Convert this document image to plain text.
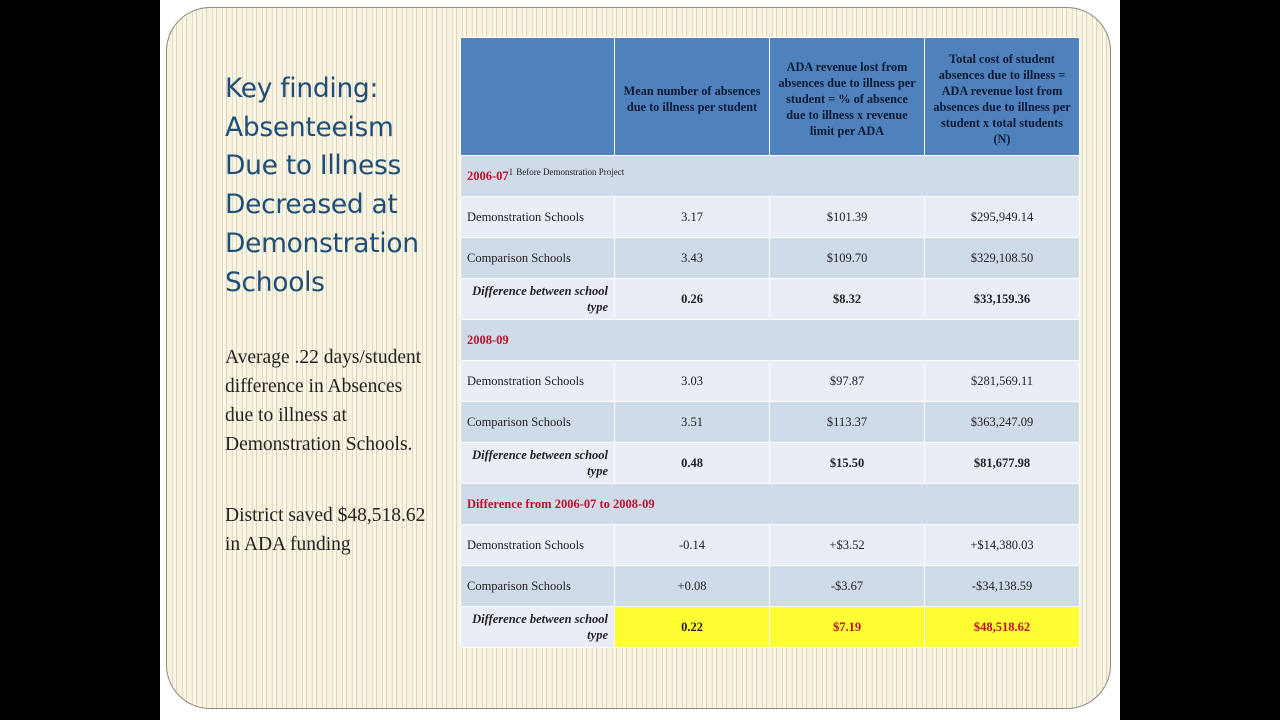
Key finding:
Absenteeism
Due to Illness
Decreased at
Demonstration
Schools
Average .22 days/student
difference in Absences
due to illness at
Demonstration Schools.
District saved $48,518.62
in ADA funding
	Mean number of absences due to illness per student	ADA revenue lost from absences due to illness per student = % of absence due to illness x revenue limit per ADA	Total cost of student absences due to illness = ADA revenue lost from absences due to illness per student x total students (N)
$2006-07^1$ $^{Before Demonstration Project}$
Demonstration Schools	3.17	$101.39	$295,949.14
Comparison Schools	3.43	$109.70	$329,108.50
Difference between school type	0.26	$8.32	$33,159.36
2008-09			
Demonstration Schools	3.03	$97.87	$281,569.11
Comparison Schools	3.51	$113.37	$363,247.09
Difference between school type	0.48	$15.50	$81,677.98
Difference from 2006-07 to 2008-09			
Demonstration Schools	-0.14	+$3.52	+$14,380.03
Comparison Schools	+0.08	-$3.67	-$34,138.59
Difference between school type	0.22	$7.19	$48,518.62
